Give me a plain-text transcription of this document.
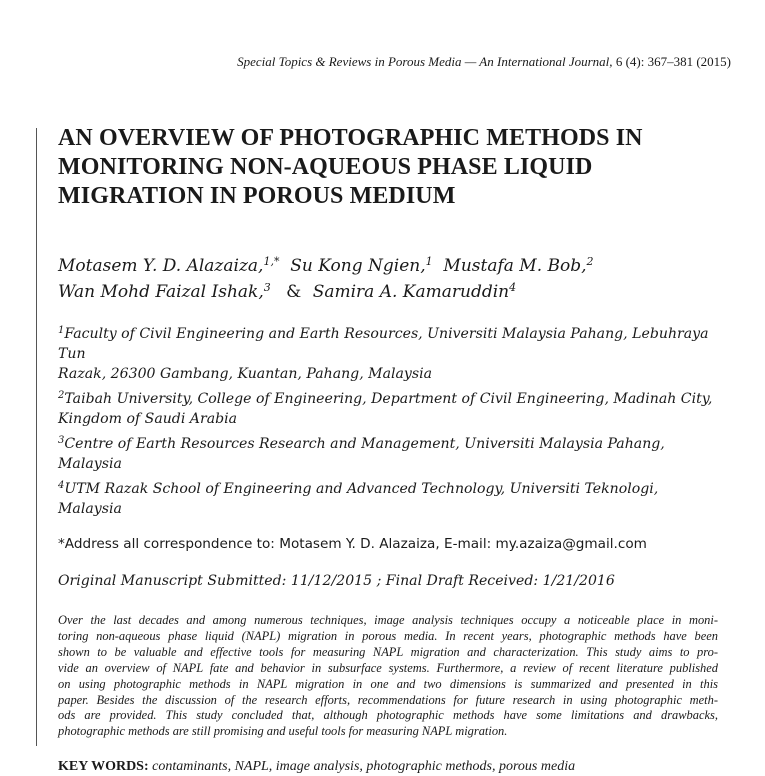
Special Topics & Reviews in Porous Media — An International Journal, 6 (4): 367–381 (2015)
AN OVERVIEW OF PHOTOGRAPHIC METHODS IN
MONITORING NON-AQUEOUS PHASE LIQUID
MIGRATION IN POROUS MEDIUM
Motasem Y. D. Alazaiza,$^{1,*}$ Su Kong Ngien,$^1$ Mustafa M. Bob,$^2$
Wan Mohd Faizal Ishak,$^3$ & Samira A. Kamaruddin$^4$
$^1$Faculty of Civil Engineering and Earth Resources, Universiti Malaysia Pahang, Lebuhraya Tun
Razak, 26300 Gambang, Kuantan, Pahang, Malaysia
$^2$Taibah University, College of Engineering, Department of Civil Engineering, Madinah City,
Kingdom of Saudi Arabia
$^3$Centre of Earth Resources Research and Management, Universiti Malaysia Pahang, Malaysia
$^4$UTM Razak School of Engineering and Advanced Technology, Universiti Teknologi, Malaysia
*Address all correspondence to: Motasem Y. D. Alazaiza, E-mail: my.azaiza@gmail.com
Original Manuscript Submitted: 11/12/2015 ; Final Draft Received: 1/21/2016
Over the last decades and among numerous techniques, image analysis techniques occupy a noticeable place in moni-
toring non-aqueous phase liquid (NAPL) migration in porous media. In recent years, photographic methods have been
shown to be valuable and effective tools for measuring NAPL migration and characterization. This study aims to pro-
vide an overview of NAPL fate and behavior in subsurface systems. Furthermore, a review of recent literature published
on using photographic methods in NAPL migration in one and two dimensions is summarized and presented in this
paper. Besides the discussion of the research efforts, recommendations for future research in using photographic meth-
ods are provided. This study concluded that, although photographic methods have some limitations and drawbacks,
photographic methods are still promising and useful tools for measuring NAPL migration.
KEY WORDS: contaminants, NAPL, image analysis, photographic methods, porous media
